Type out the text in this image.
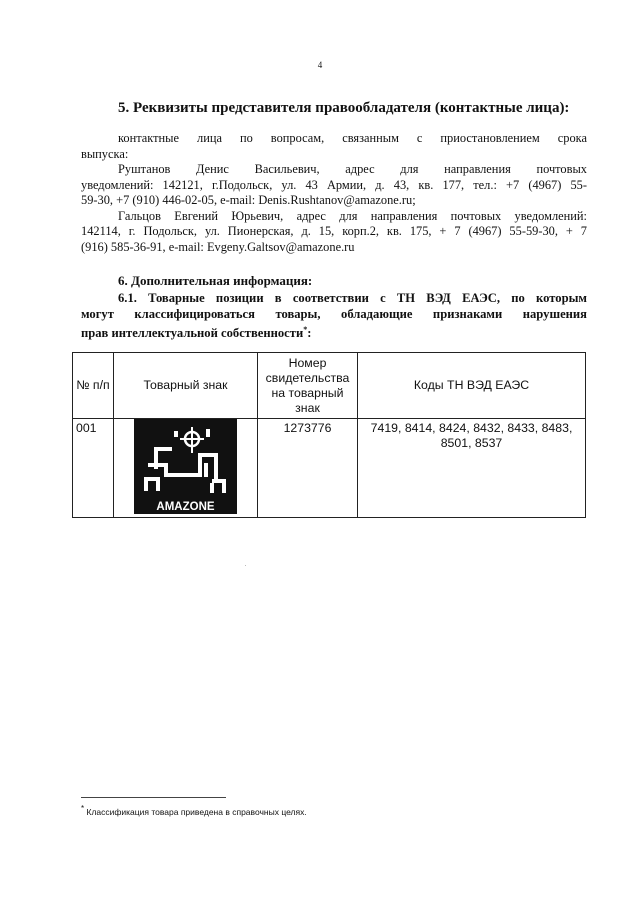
4
5. Реквизиты представителя правообладателя (контактные лица):
контактные лица по вопросам, связанным с приостановлением срока
выпуска:
Руштанов Денис Васильевич, адрес для направления почтовых
уведомлений: 142121, г.Подольск, ул. 43 Армии, д. 43, кв. 177, тел.: +7 (4967) 55-
59-30, +7 (910) 446-02-05, e-mail: Denis.Rushtanov@amazone.ru;
Гальцов Евгений Юрьевич, адрес для направления почтовых уведомлений:
142114, г. Подольск, ул. Пионерская, д. 15, корп.2, кв. 175, + 7 (4967) 55-59-30, + 7
(916) 585-36-91, e-mail: Evgeny.Galtsov@amazone.ru
6. Дополнительная информация:
6.1. Товарные позиции в соответствии с ТН ВЭД ЕАЭС, по которым
могут классифицироваться товары, обладающие признаками нарушения
прав интеллектуальной собственности*:
№ п/п	Товарный знак	Номер свидетельства на товарный знак	Коды ТН ВЭД ЕАЭС
001	AMAZONE	1273776	7419, 8414, 8424, 8432, 8433, 8483, 8501, 8537
* Классификация товара приведена в справочных целях.
